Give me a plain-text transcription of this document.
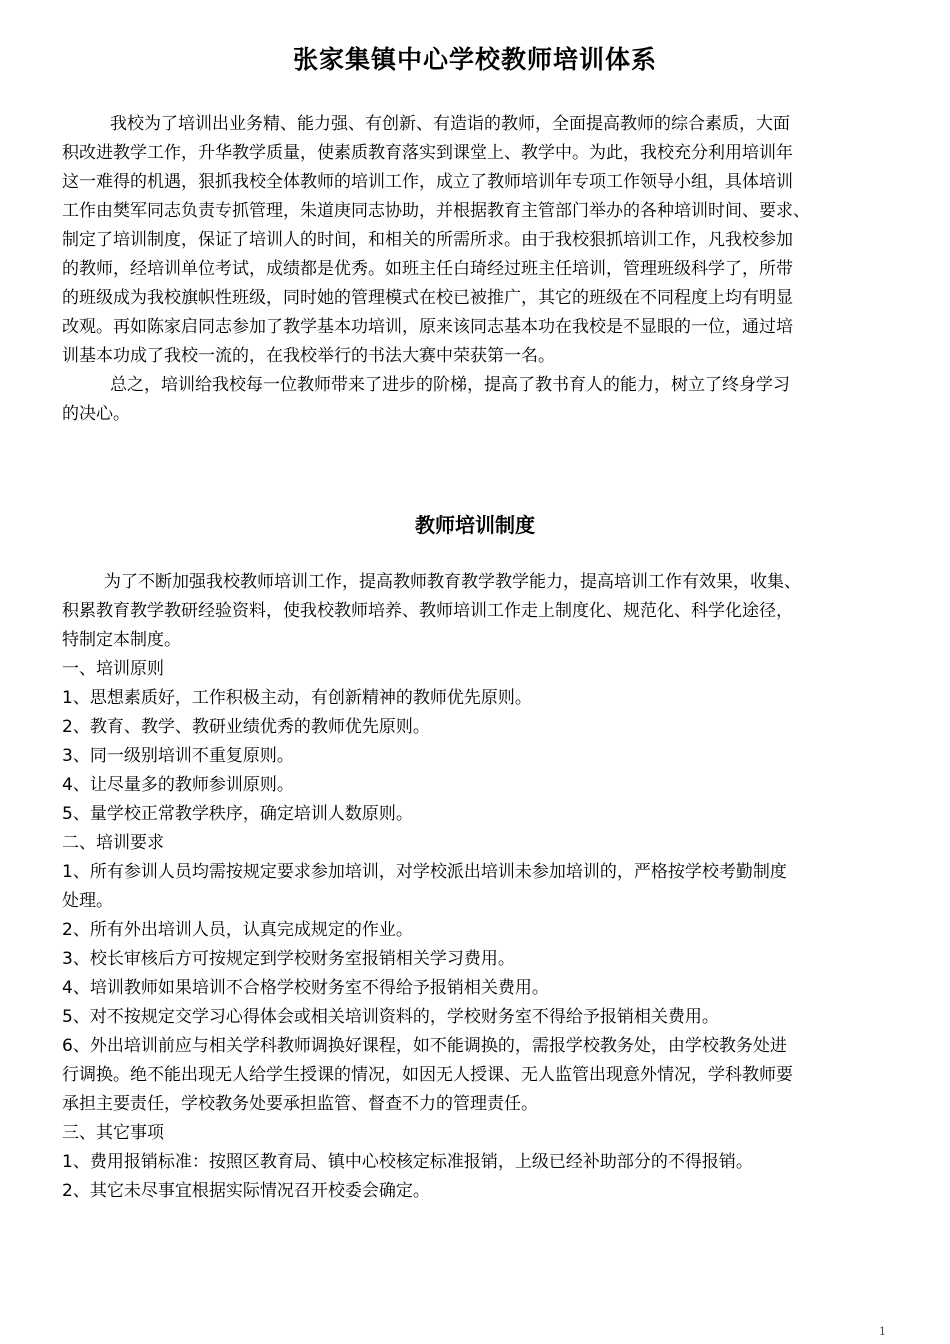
张家集镇中心学校教师培训体系
我校为了培训出业务精、能力强、有创新、有造诣的教师，全面提高教师的综合素质，大面
积改进教学工作，升华教学质量，使素质教育落实到课堂上、教学中。为此，我校充分利用培训年
这一难得的机遇，狠抓我校全体教师的培训工作，成立了教师培训年专项工作领导小组，具体培训
工作由樊军同志负责专抓管理，朱道庚同志协助，并根据教育主管部门举办的各种培训时间、要求、
制定了培训制度，保证了培训人的时间，和相关的所需所求。由于我校狠抓培训工作，凡我校参加
的教师，经培训单位考试，成绩都是优秀。如班主任白琦经过班主任培训，管理班级科学了，所带
的班级成为我校旗帜性班级，同时她的管理模式在校已被推广，其它的班级在不同程度上均有明显
改观。再如陈家启同志参加了教学基本功培训，原来该同志基本功在我校是不显眼的一位，通过培
训基本功成了我校一流的，在我校举行的书法大赛中荣获第一名。
总之，培训给我校每一位教师带来了进步的阶梯，提高了教书育人的能力，树立了终身学习
的决心。
教师培训制度
为了不断加强我校教师培训工作，提高教师教育教学教学能力，提高培训工作有效果，收集、
积累教育教学教研经验资料，使我校教师培养、教师培训工作走上制度化、规范化、科学化途径，
特制定本制度。
一、培训原则
1、思想素质好，工作积极主动，有创新精神的教师优先原则。
2、教育、教学、教研业绩优秀的教师优先原则。
3、同一级别培训不重复原则。
4、让尽量多的教师参训原则。
5、量学校正常教学秩序，确定培训人数原则。
二、培训要求
1、所有参训人员均需按规定要求参加培训，对学校派出培训未参加培训的，严格按学校考勤制度
处理。
2、所有外出培训人员，认真完成规定的作业。
3、校长审核后方可按规定到学校财务室报销相关学习费用。
4、培训教师如果培训不合格学校财务室不得给予报销相关费用。
5、对不按规定交学习心得体会或相关培训资料的，学校财务室不得给予报销相关费用。
6、外出培训前应与相关学科教师调换好课程，如不能调换的，需报学校教务处，由学校教务处进
行调换。绝不能出现无人给学生授课的情况，如因无人授课、无人监管出现意外情况，学科教师要
承担主要责任，学校教务处要承担监管、督查不力的管理责任。
三、其它事项
1、费用报销标准：按照区教育局、镇中心校核定标准报销，上级已经补助部分的不得报销。
2、其它未尽事宜根据实际情况召开校委会确定。
1
